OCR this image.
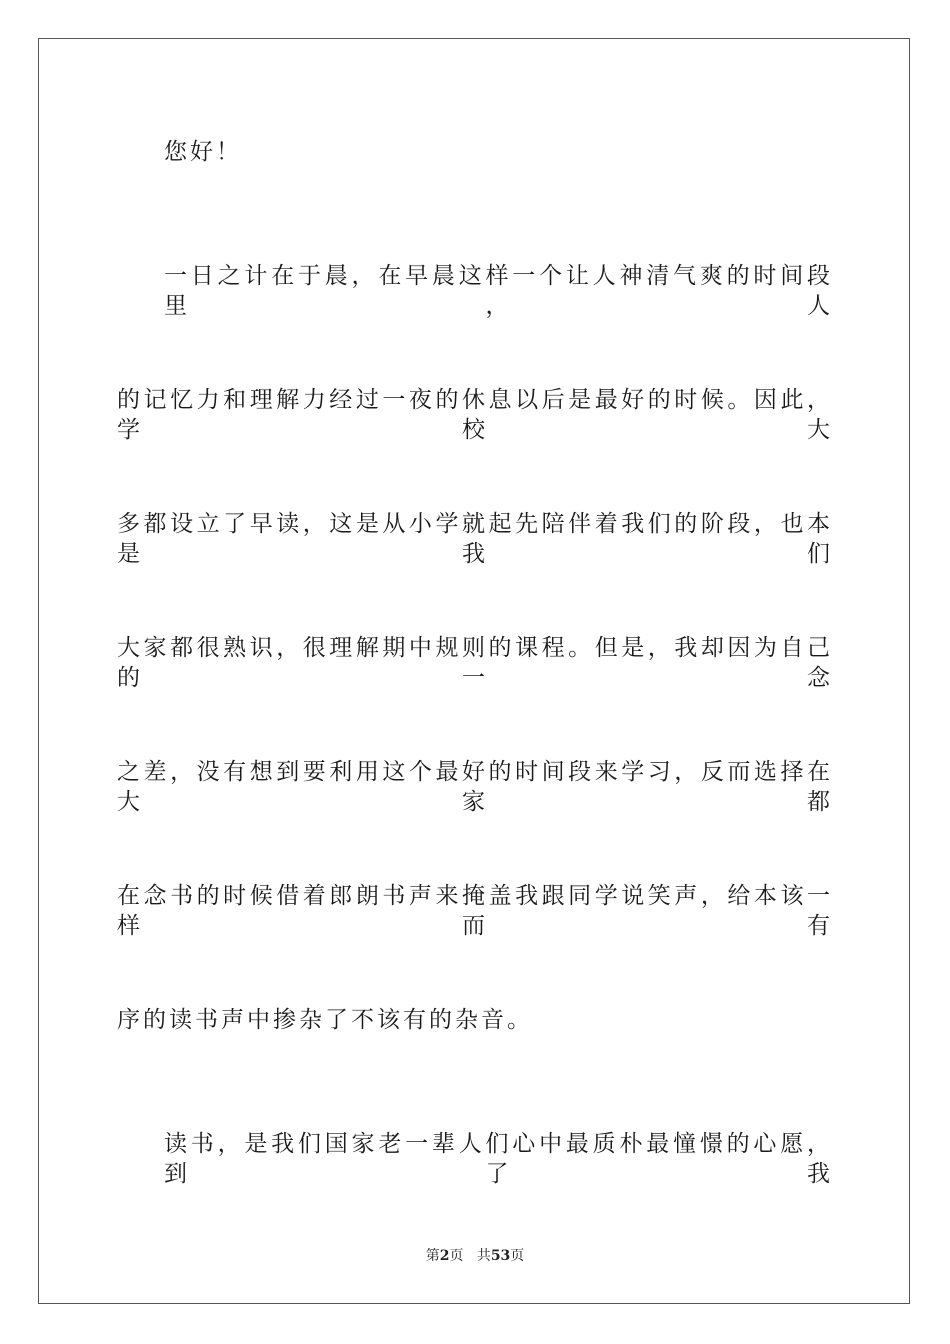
您好！
一日之计在于晨，在早晨这样一个让人神清气爽的时间段里，人
的记忆力和理解力经过一夜的休息以后是最好的时候。因此，学校大
多都设立了早读，这是从小学就起先陪伴着我们的阶段，也本是我们
大家都很熟识，很理解期中规则的课程。但是，我却因为自己的一念
之差，没有想到要利用这个最好的时间段来学习，反而选择在大家都
在念书的时候借着郎朗书声来掩盖我跟同学说笑声，给本该一样而有
序的读书声中掺杂了不该有的杂音。
读书，是我们国家老一辈人们心中最质朴最憧憬的心愿，到了我
第2页 共53页
